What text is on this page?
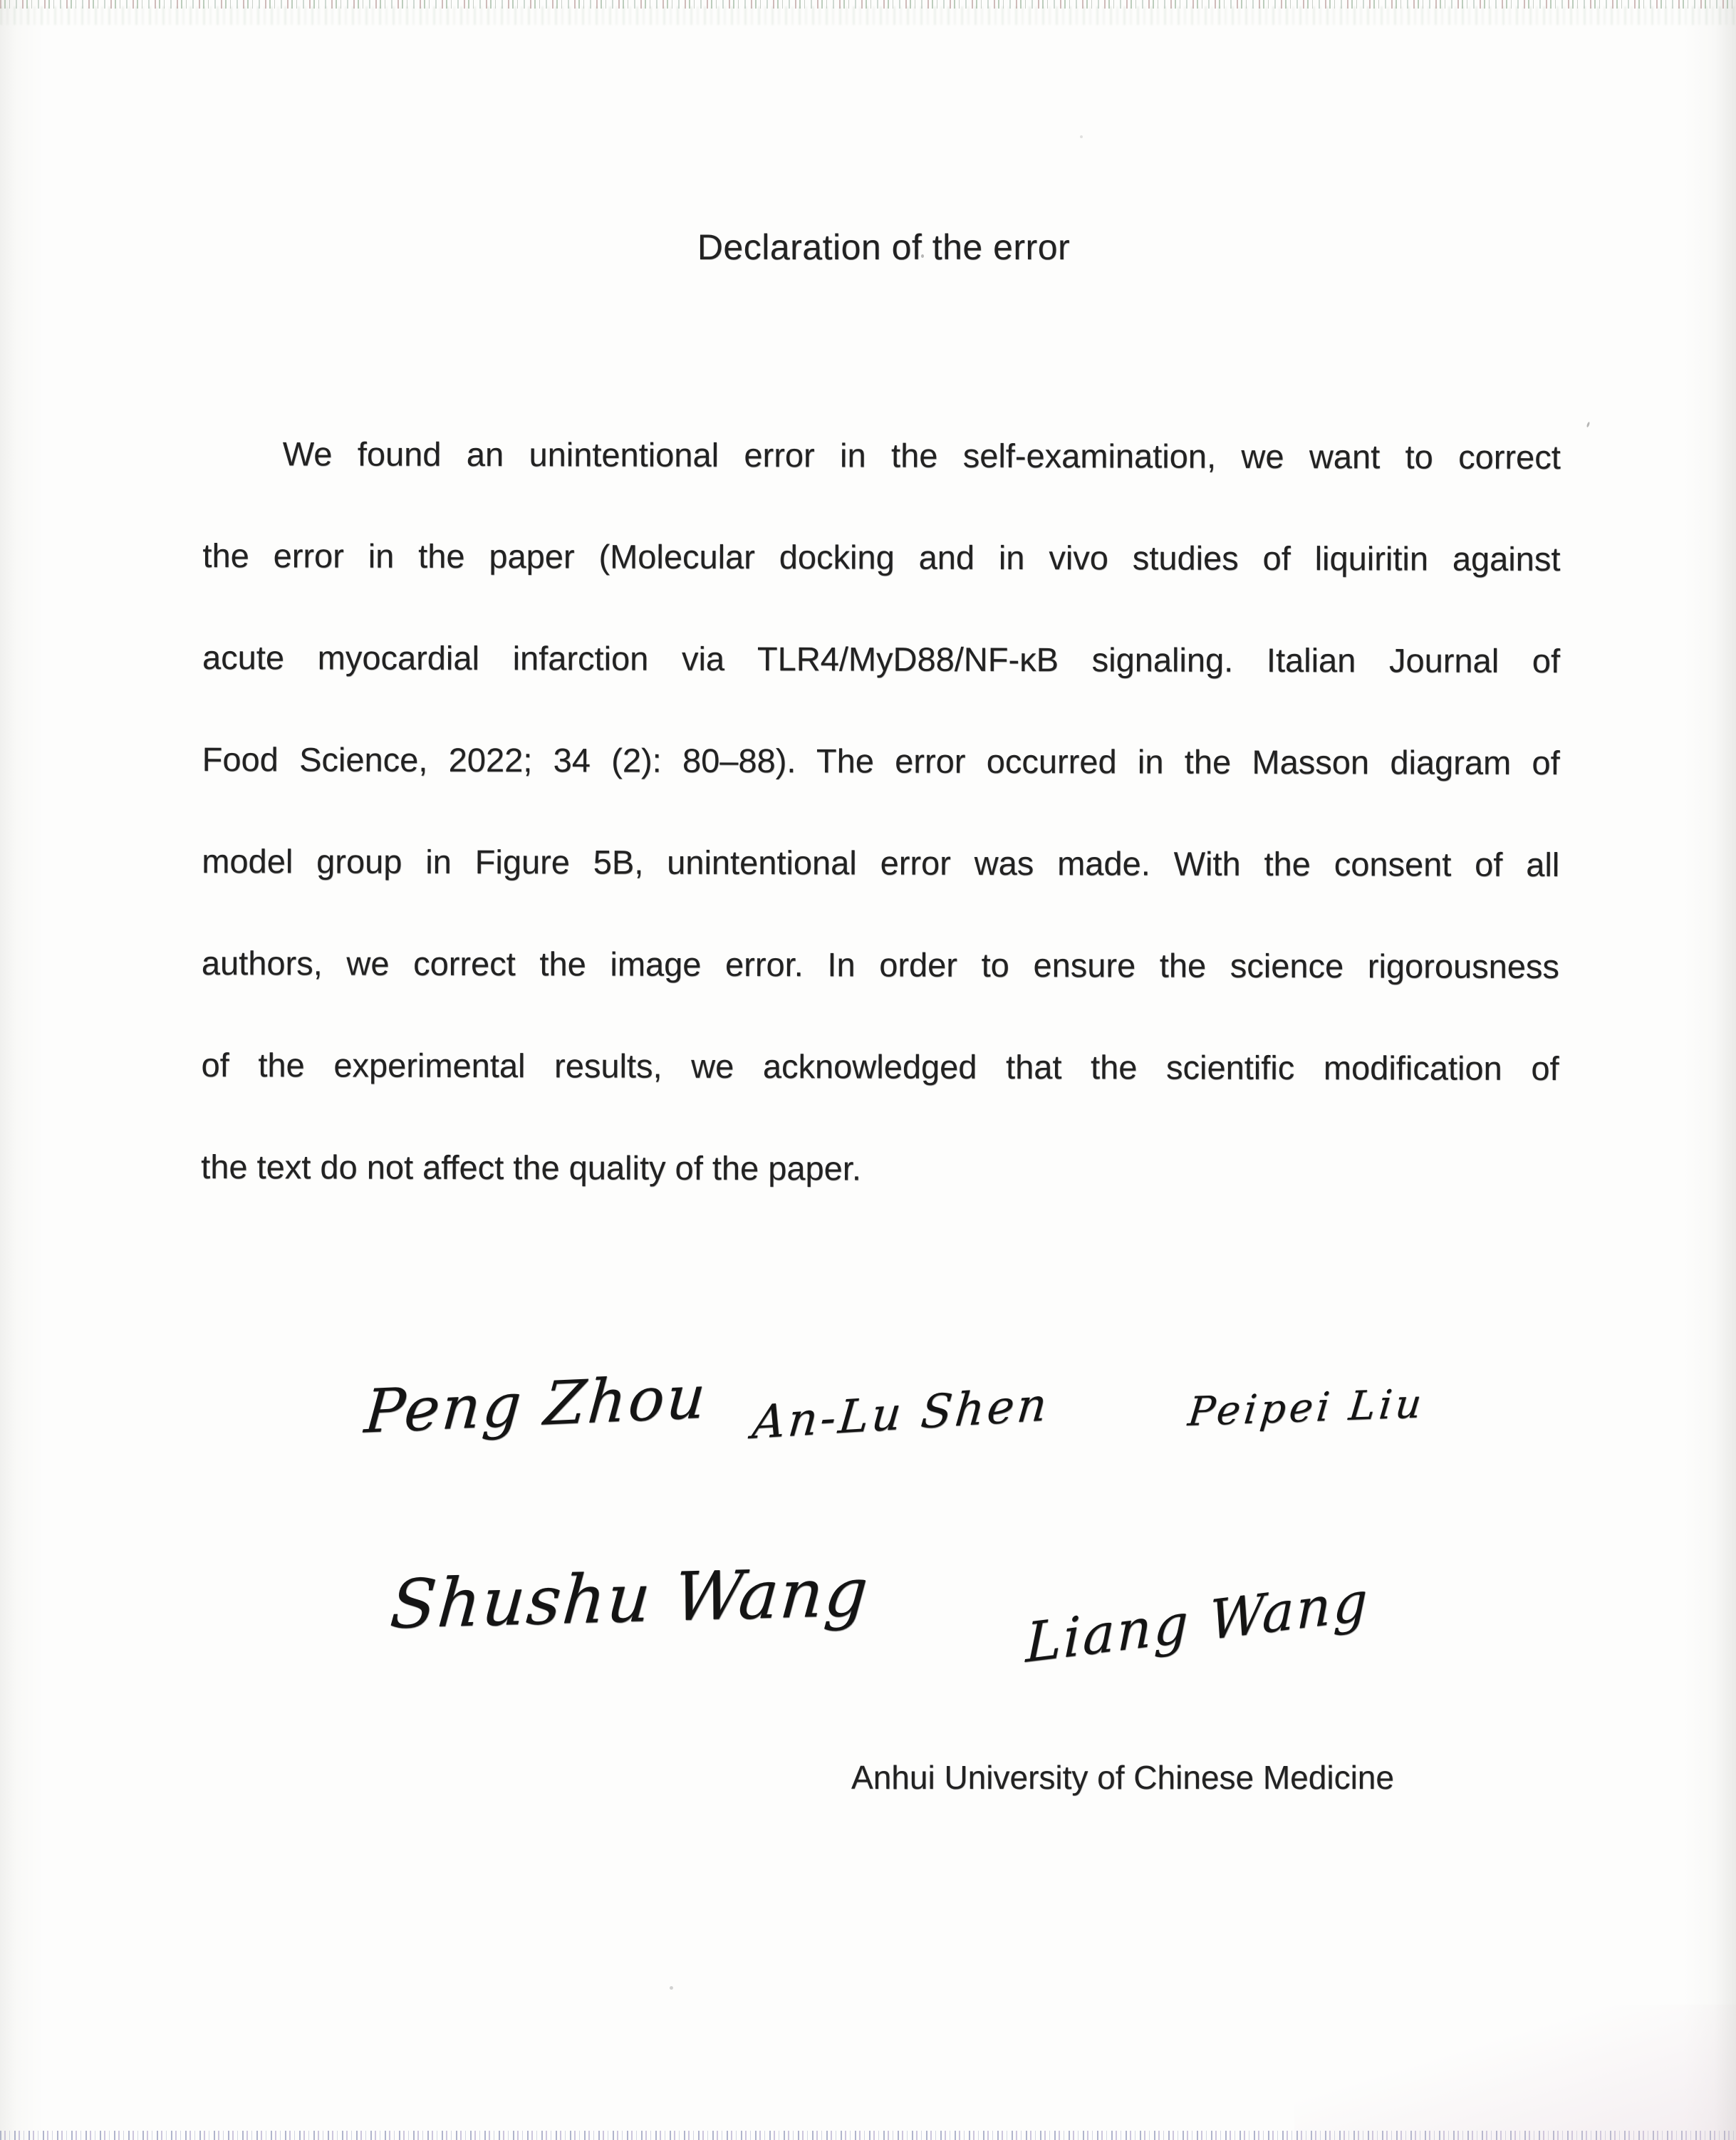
Declaration of the error
We found an unintentional error in the self-examination, we want to correct
the error in the paper (Molecular docking and in vivo studies of liquiritin against
acute myocardial infarction via TLR4/MyD88/NF-κB signaling. Italian Journal of
Food Science, 2022; 34 (2): 80–88). The error occurred in the Masson diagram of
model group in Figure 5B, unintentional error was made. With the consent of all
authors, we correct the image error. In order to ensure the science rigorousness
of the experimental results, we acknowledged that the scientific modification of
the text do not affect the quality of the paper.
Peng Zhou An-Lu Shen	Peipei Liu
Shushu Wang	Liang Wang
Anhui University of Chinese Medicine
